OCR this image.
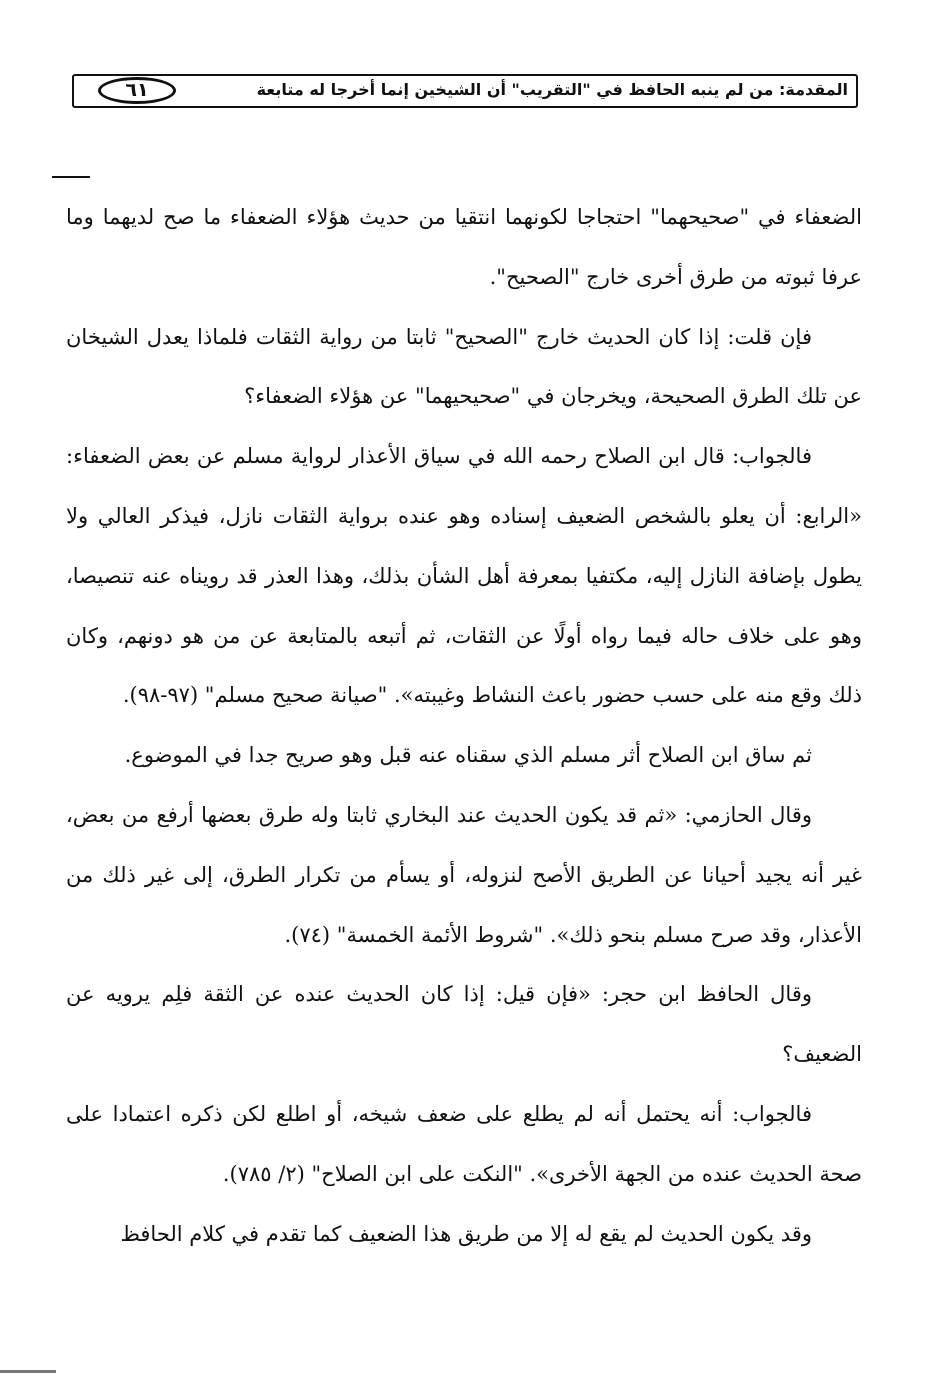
المقدمة: من لم ينبه الحافظ في "التقريب" أن الشيخين إنما أخرجا له متابعة
٦١

الضعفاء في "صحيحهما" احتجاجا لكونهما انتقيا من حديث هؤلاء الضعفاء ما صح لديهما وما عرفا ثبوته من طرق أخرى خارج "الصحيح".

فإن قلت: إذا كان الحديث خارج "الصحيح" ثابتا من رواية الثقات فلماذا يعدل الشيخان عن تلك الطرق الصحيحة، ويخرجان في "صحيحيهما" عن هؤلاء الضعفاء؟

فالجواب: قال ابن الصلاح رحمه الله في سياق الأعذار لرواية مسلم عن بعض الضعفاء: «الرابع: أن يعلو بالشخص الضعيف إسناده وهو عنده برواية الثقات نازل، فيذكر العالي ولا يطول بإضافة النازل إليه، مكتفيا بمعرفة أهل الشأن بذلك، وهذا العذر قد رويناه عنه تنصيصا، وهو على خلاف حاله فيما رواه أولًا عن الثقات، ثم أتبعه بالمتابعة عن من هو دونهم، وكان ذلك وقع منه على حسب حضور باعث النشاط وغيبته». "صيانة صحيح مسلم" (٩٧-٩٨).

ثم ساق ابن الصلاح أثر مسلم الذي سقناه عنه قبل وهو صريح جدا في الموضوع.

وقال الحازمي: «ثم قد يكون الحديث عند البخاري ثابتا وله طرق بعضها أرفع من بعض، غير أنه يجيد أحيانا عن الطريق الأصح لنزوله، أو يسأم من تكرار الطرق، إلى غير ذلك من الأعذار، وقد صرح مسلم بنحو ذلك». "شروط الأئمة الخمسة" (٧٤).

وقال الحافظ ابن حجر: «فإن قيل: إذا كان الحديث عنده عن الثقة فلِم يرويه عن الضعيف؟

فالجواب: أنه يحتمل أنه لم يطلع على ضعف شيخه، أو اطلع لكن ذكره اعتمادا على صحة الحديث عنده من الجهة الأخرى». "النكت على ابن الصلاح" (٢/ ٧٨٥).

وقد يكون الحديث لم يقع له إلا من طريق هذا الضعيف كما تقدم في كلام الحافظ
